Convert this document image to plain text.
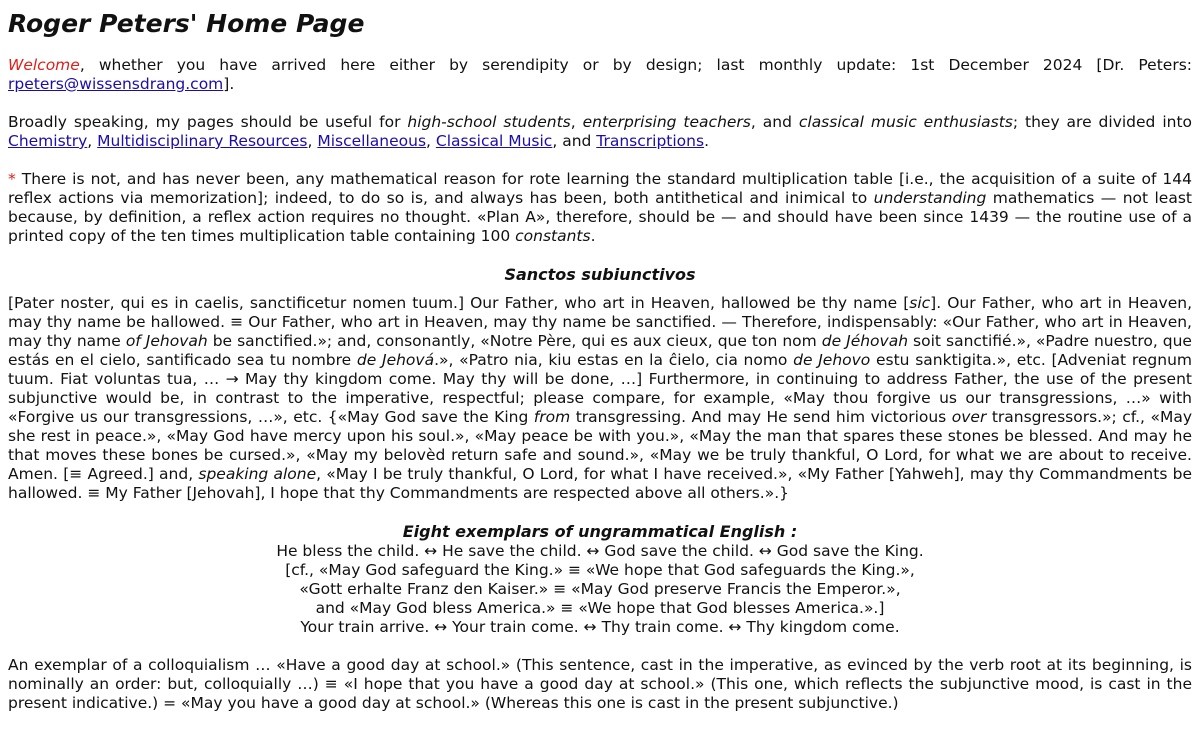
Roger Peters' Home Page

Welcome, whether you have arrived here either by serendipity or by design; last monthly update: 1st December 2024 [Dr. Peters: rpeters@wissensdrang.com].

Broadly speaking, my pages should be useful for high-school students, enterprising teachers, and classical music enthusiasts; they are divided into Chemistry, Multidisciplinary Resources, Miscellaneous, Classical Music, and Transcriptions.

* There is not, and has never been, any mathematical reason for rote learning the standard multiplication table [i.e., the acquisition of a suite of 144 reflex actions via memorization]; indeed, to do so is, and always has been, both antithetical and inimical to understanding mathematics — not least because, by definition, a reflex action requires no thought. «Plan A», therefore, should be — and should have been since 1439 — the routine use of a printed copy of the ten times multiplication table containing 100 constants.

Sanctos subiunctivos

[Pater noster, qui es in caelis, sanctificetur nomen tuum.] Our Father, who art in Heaven, hallowed be thy name [sic]. Our Father, who art in Heaven, may thy name be hallowed. ≡ Our Father, who art in Heaven, may thy name be sanctified. — Therefore, indispensably: «Our Father, who art in Heaven, may thy name of Jehovah be sanctified.»; and, consonantly, «Notre Père, qui es aux cieux, que ton nom de Jéhovah soit sanctifié.», «Padre nuestro, que estás en el cielo, santificado sea tu nombre de Jehová.», «Patro nia, kiu estas en la ĉielo, cia nomo de Jehovo estu sanktigita.», etc. [Adveniat regnum tuum. Fiat voluntas tua, … → May thy kingdom come. May thy will be done, …] Furthermore, in continuing to address Father, the use of the present subjunctive would be, in contrast to the imperative, respectful; please compare, for example, «May thou forgive us our transgressions, …» with «Forgive us our transgressions, …», etc. {«May God save the King from transgressing. And may He send him victorious over transgressors.»; cf., «May she rest in peace.», «May God have mercy upon his soul.», «May peace be with you.», «May the man that spares these stones be blessed. And may he that moves these bones be cursed.», «May my belovèd return safe and sound.», «May we be truly thankful, O Lord, for what we are about to receive. Amen. [≡ Agreed.] and, speaking alone, «May I be truly thankful, O Lord, for what I have received.», «My Father [Yahweh], may thy Commandments be hallowed. ≡ My Father [Jehovah], I hope that thy Commandments are respected above all others.».}

Eight exemplars of ungrammatical English :
He bless the child. ↔ He save the child. ↔ God save the child. ↔ God save the King.
[cf., «May God safeguard the King.» ≡ «We hope that God safeguards the King.»,
«Gott erhalte Franz den Kaiser.» ≡ «May God preserve Francis the Emperor.»,
and «May God bless America.» ≡ «We hope that God blesses America.».]
Your train arrive. ↔ Your train come. ↔ Thy train come. ↔ Thy kingdom come.

An exemplar of a colloquialism … «Have a good day at school.» (This sentence, cast in the imperative, as evinced by the verb root at its beginning, is nominally an order: but, colloquially …) ≡ «I hope that you have a good day at school.» (This one, which reflects the subjunctive mood, is cast in the present indicative.) = «May you have a good day at school.» (Whereas this one is cast in the present subjunctive.)
